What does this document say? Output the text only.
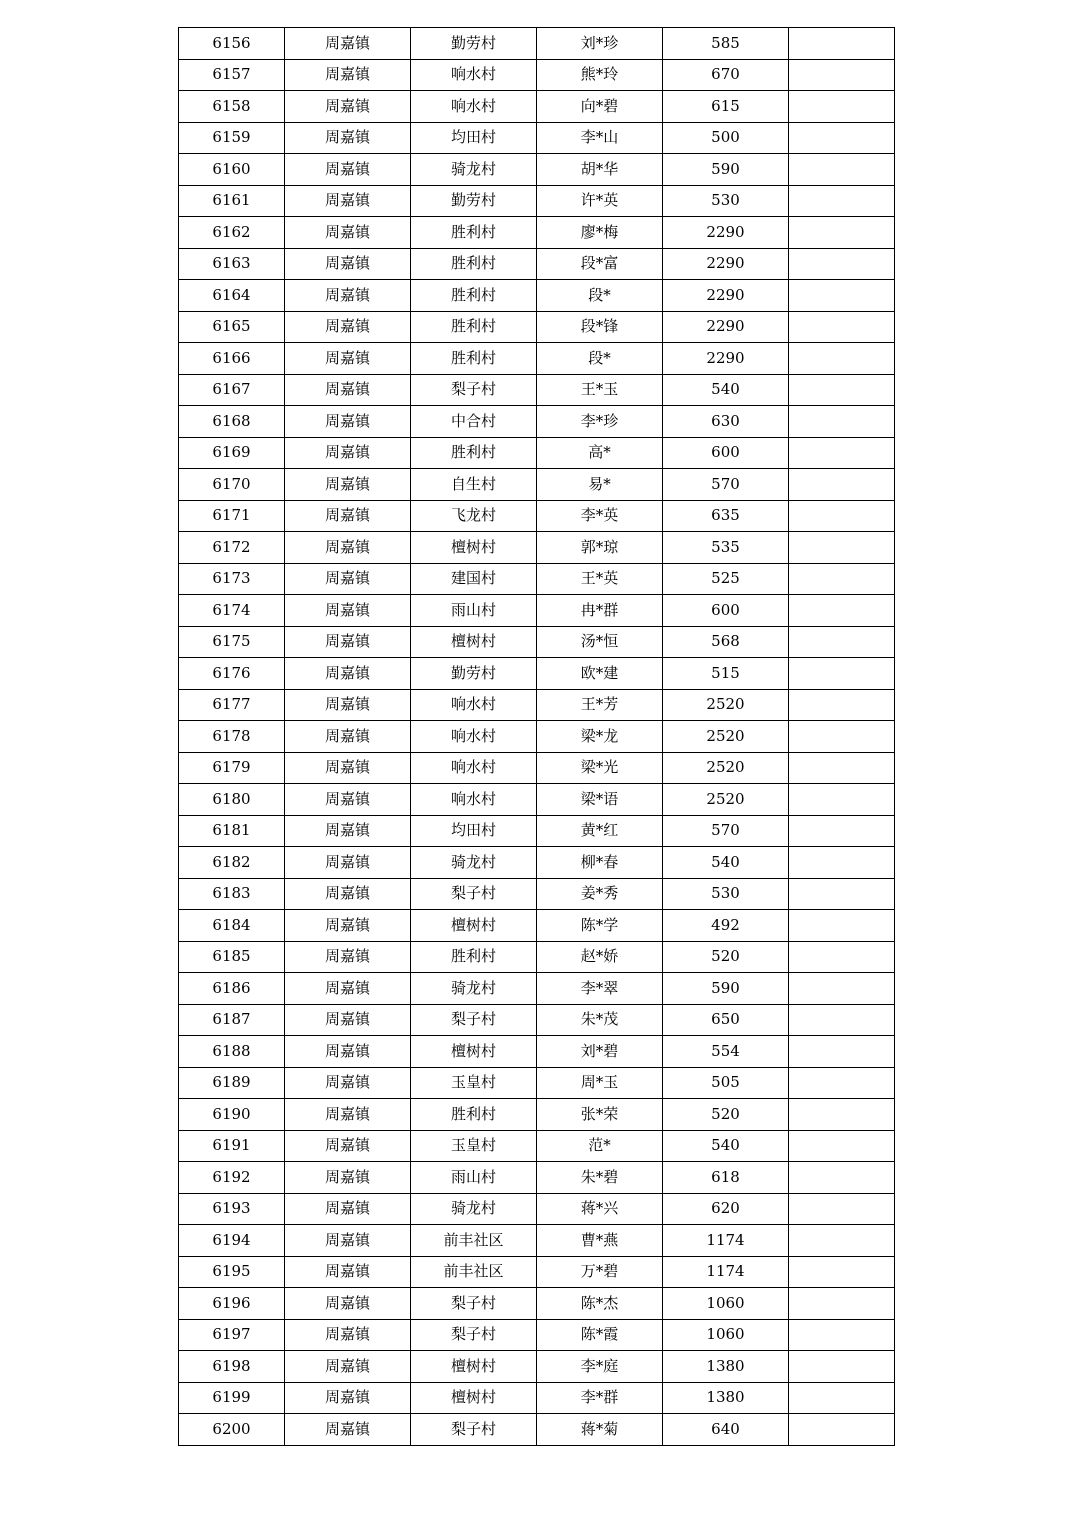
6156	周嘉镇	勤劳村	刘*珍	585	
6157	周嘉镇	响水村	熊*玲	670	
6158	周嘉镇	响水村	向*碧	615	
6159	周嘉镇	均田村	李*山	500	
6160	周嘉镇	骑龙村	胡*华	590	
6161	周嘉镇	勤劳村	许*英	530	
6162	周嘉镇	胜利村	廖*梅	2290	
6163	周嘉镇	胜利村	段*富	2290	
6164	周嘉镇	胜利村	段*	2290	
6165	周嘉镇	胜利村	段*锋	2290	
6166	周嘉镇	胜利村	段*	2290	
6167	周嘉镇	梨子村	王*玉	540	
6168	周嘉镇	中合村	李*珍	630	
6169	周嘉镇	胜利村	高*	600	
6170	周嘉镇	自生村	易*	570	
6171	周嘉镇	飞龙村	李*英	635	
6172	周嘉镇	檀树村	郭*琼	535	
6173	周嘉镇	建国村	王*英	525	
6174	周嘉镇	雨山村	冉*群	600	
6175	周嘉镇	檀树村	汤*恒	568	
6176	周嘉镇	勤劳村	欧*建	515	
6177	周嘉镇	响水村	王*芳	2520	
6178	周嘉镇	响水村	梁*龙	2520	
6179	周嘉镇	响水村	梁*光	2520	
6180	周嘉镇	响水村	梁*语	2520	
6181	周嘉镇	均田村	黄*红	570	
6182	周嘉镇	骑龙村	柳*春	540	
6183	周嘉镇	梨子村	姜*秀	530	
6184	周嘉镇	檀树村	陈*学	492	
6185	周嘉镇	胜利村	赵*娇	520	
6186	周嘉镇	骑龙村	李*翠	590	
6187	周嘉镇	梨子村	朱*茂	650	
6188	周嘉镇	檀树村	刘*碧	554	
6189	周嘉镇	玉皇村	周*玉	505	
6190	周嘉镇	胜利村	张*荣	520	
6191	周嘉镇	玉皇村	范*	540	
6192	周嘉镇	雨山村	朱*碧	618	
6193	周嘉镇	骑龙村	蒋*兴	620	
6194	周嘉镇	前丰社区	曹*燕	1174	
6195	周嘉镇	前丰社区	万*碧	1174	
6196	周嘉镇	梨子村	陈*杰	1060	
6197	周嘉镇	梨子村	陈*霞	1060	
6198	周嘉镇	檀树村	李*庭	1380	
6199	周嘉镇	檀树村	李*群	1380	
6200	周嘉镇	梨子村	蒋*菊	640	
